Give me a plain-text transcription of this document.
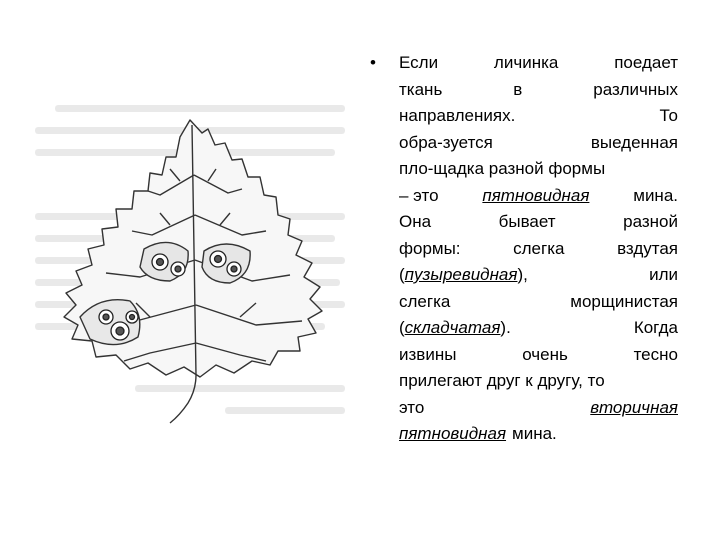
•	Если	личинка	поедает
ткань	в	различных
направлениях.	То
обра-зуется	выеденная
пло-щадка разной формы
– это	пятновидная	мина.
Она	бывает	разной
формы:	слегка	вздутая
(пузыревидная),	или
слегка	морщинистая
(складчатая).	Когда
извины	очень	тесно
прилегают друг к другу, то
это	вторичная
пятновидная мина.
